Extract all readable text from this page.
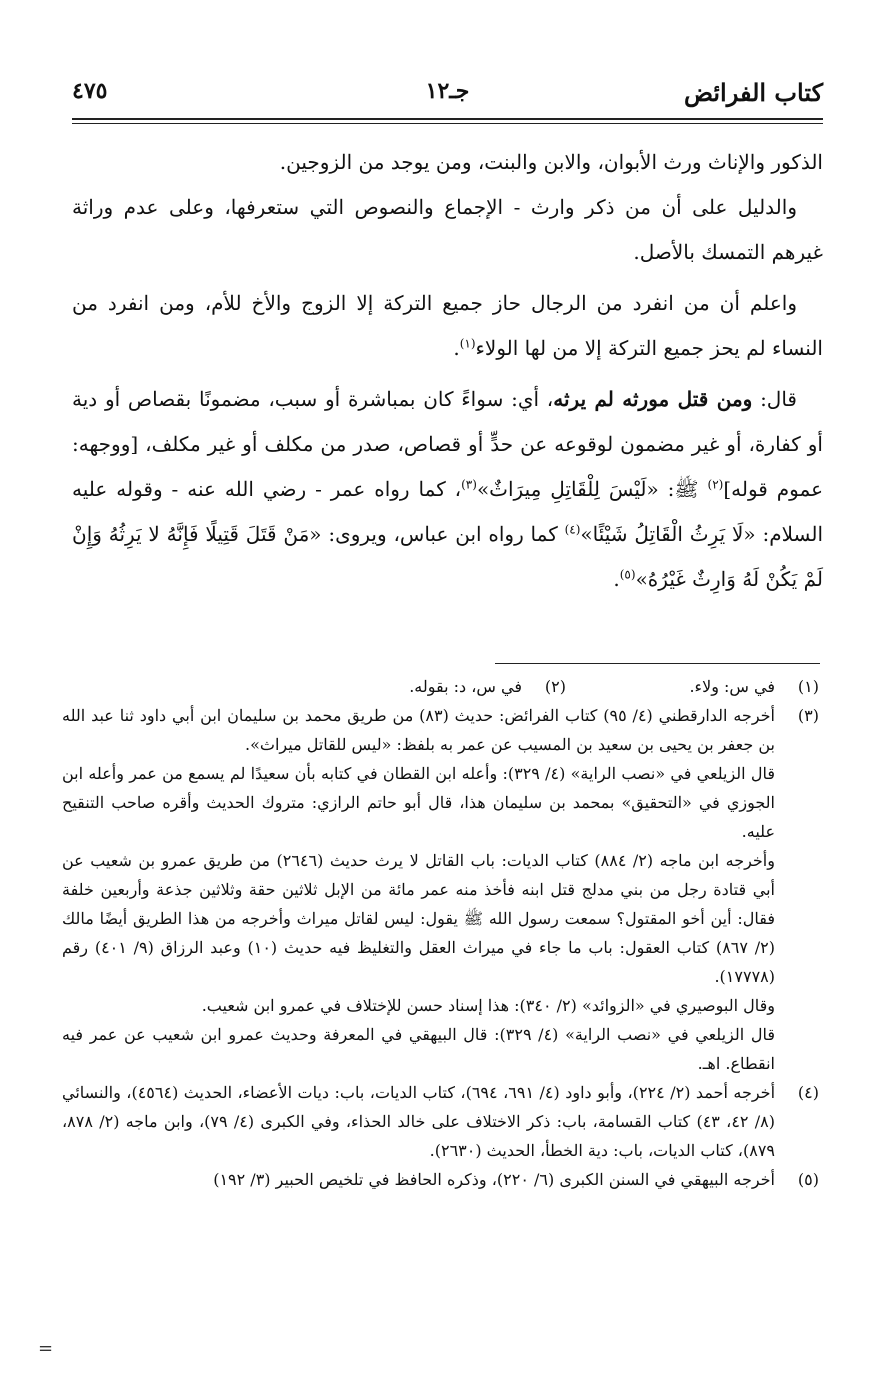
كتاب الفرائض
جـ١٢
٤٧٥

الذكور والإناث ورث الأبوان، والابن والبنت، ومن يوجد من الزوجين.

والدليل على أن من ذكر وارث - الإجماع والنصوص التي ستعرفها، وعلى عدم وراثة غيرهم التمسك بالأصل.

واعلم أن من انفرد من الرجال حاز جميع التركة إلا الزوج والأخ للأم، ومن انفرد من النساء لم يحز جميع التركة إلا من لها الولاء$^{(١)}$.

قال: ومن قتل مورثه لم يرثه، أي: سواءً كان بمباشرة أو سبب، مضمونًا بقصاص أو دية أو كفارة، أو غير مضمون لوقوعه عن حدٍّ أو قصاص، صدر من مكلف أو غير مكلف، [ووجهه: عموم قوله]$^{(٢)}$ ﷺ: «لَيْسَ لِلْقَاتِلِ مِيرَاثٌ»$^{(٣)}$، كما رواه عمر - رضي الله عنه - وقوله عليه السلام: «لَا يَرِثُ الْقَاتِلُ شَيْئًا»$^{(٤)}$ كما رواه ابن عباس، ويروى: «مَنْ قَتَلَ قَتِيلًا فَإِنَّهُ لا يَرِثُهُ وَإِنْ لَمْ يَكُنْ لَهُ وَارِثٌ غَيْرُهُ»$^{(٥)}$.

(١)
في س: ولاء.
(٢)
في س، د: بقوله.
(٣)

أخرجه الدارقطني (٤/ ٩٥) كتاب الفرائض: حديث (٨٣) من طريق محمد بن سليمان ابن أبي داود ثنا عبد الله بن جعفر بن يحيى بن سعيد بن المسيب عن عمر به بلفظ: «ليس للقاتل ميراث».

قال الزيلعي في «نصب الراية» (٤/ ٣٢٩): وأعله ابن القطان في كتابه بأن سعيدًا لم يسمع من عمر وأعله ابن الجوزي في «التحقيق» بمحمد بن سليمان هذا، قال أبو حاتم الرازي: متروك الحديث وأقره صاحب التنقيح عليه.

وأخرجه ابن ماجه (٢/ ٨٨٤) كتاب الديات: باب القاتل لا يرث حديث (٢٦٤٦) من طريق عمرو بن شعيب عن أبي قتادة رجل من بني مدلج قتل ابنه فأخذ منه عمر مائة من الإبل ثلاثين حقة وثلاثين جذعة وأربعين خلفة فقال: أين أخو المقتول؟ سمعت رسول الله ﷺ يقول: ليس لقاتل ميراث وأخرجه من هذا الطريق أيضًا مالك (٢/ ٨٦٧) كتاب العقول: باب ما جاء في ميراث العقل والتغليظ فيه حديث (١٠) وعبد الرزاق (٩/ ٤٠١) رقم (١٧٧٧٨).

وقال البوصيري في «الزوائد» (٢/ ٣٤٠): هذا إسناد حسن للإختلاف في عمرو ابن شعيب.

قال الزيلعي في «نصب الراية» (٤/ ٣٢٩): قال البيهقي في المعرفة وحديث عمرو ابن شعيب عن عمر فيه انقطاع. اهـ.

(٤)

أخرجه أحمد (٢/ ٢٢٤)، وأبو داود (٤/ ٦٩١، ٦٩٤)، كتاب الديات، باب: ديات الأعضاء، الحديث (٤٥٦٤)، والنسائي (٨/ ٤٢، ٤٣) كتاب القسامة، باب: ذكر الاختلاف على خالد الحذاء، وفي الكبرى (٤/ ٧٩)، وابن ماجه (٢/ ٨٧٨، ٨٧٩)، كتاب الديات، باب: دية الخطأ، الحديث (٢٦٣٠).

(٥)

أخرجه البيهقي في السنن الكبرى (٦/ ٢٢٠)، وذكره الحافظ في تلخيص الحبير (٣/ ١٩٢)

=
